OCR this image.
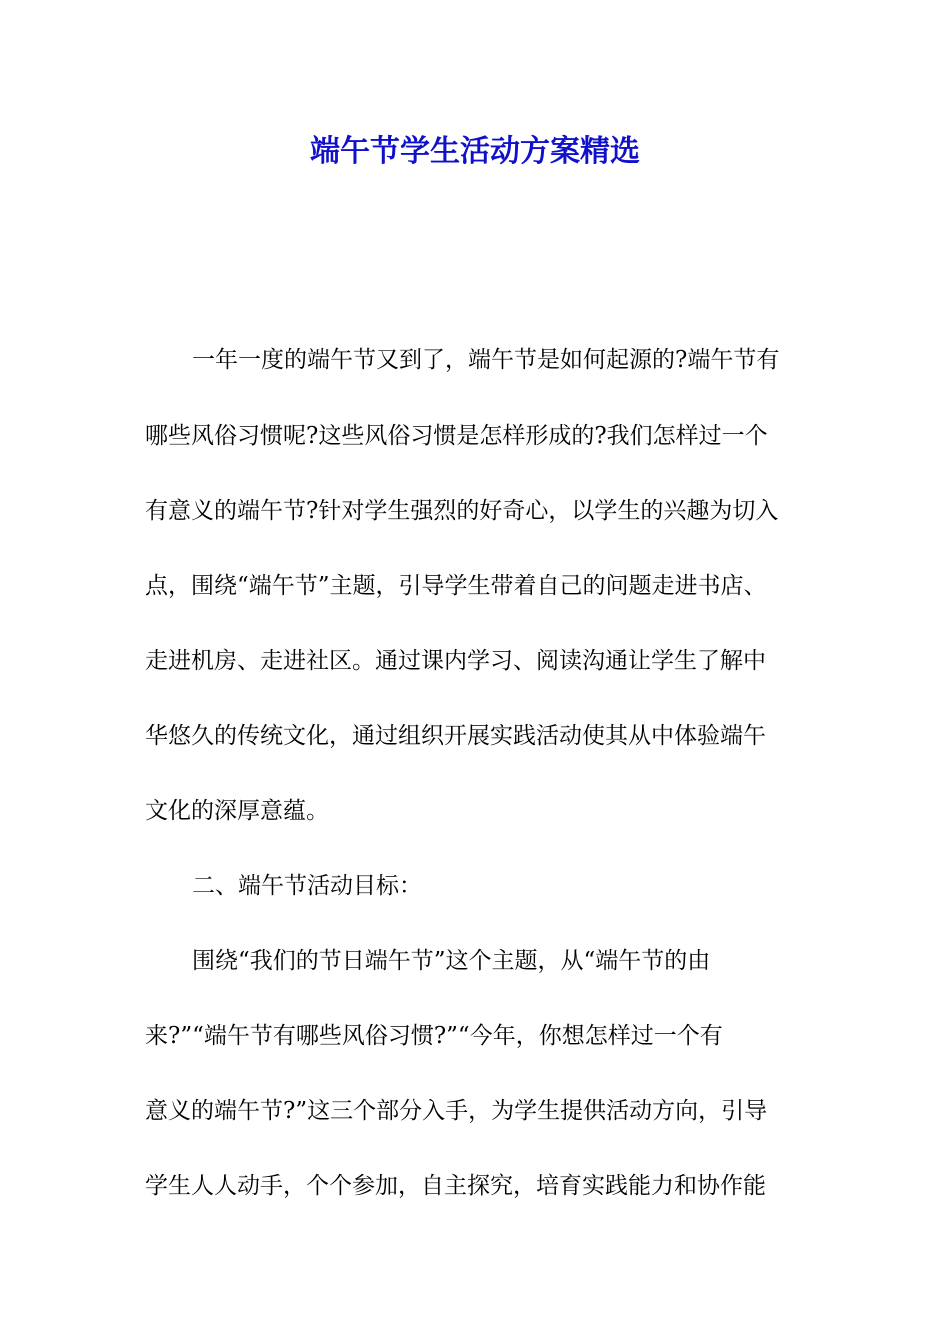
端午节学生活动方案精选

一年一度的端午节又到了，端午节是如何起源的?端午节有

哪些风俗习惯呢?这些风俗习惯是怎样形成的?我们怎样过一个

有意义的端午节?针对学生强烈的好奇心，以学生的兴趣为切入

点，围绕“端午节”主题，引导学生带着自己的问题走进书店、

走进机房、走进社区。通过课内学习、阅读沟通让学生了解中

华悠久的传统文化，通过组织开展实践活动使其从中体验端午

文化的深厚意蕴。

二、端午节活动目标：

围绕“我们的节日端午节”这个主题，从“端午节的由

来?”“端午节有哪些风俗习惯?”“今年，你想怎样过一个有

意义的端午节?”这三个部分入手，为学生提供活动方向，引导

学生人人动手，个个参加，自主探究，培育实践能力和协作能
